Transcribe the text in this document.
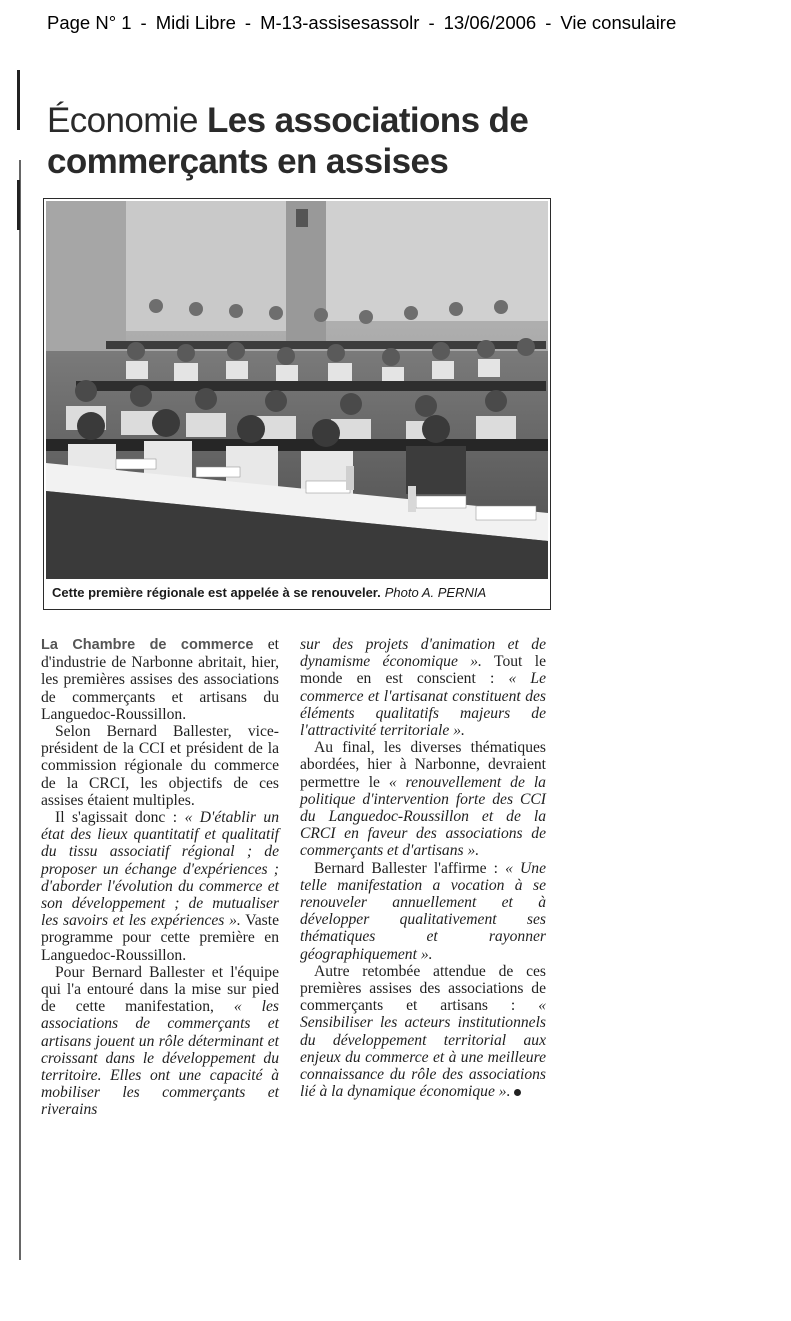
Page N° 1 - Midi Libre - M-13-assisesassolr - 13/06/2006 - Vie consulaire
Économie Les associations de commerçants en assises
Cette première régionale est appelée à se renouveler. Photo A. PERNIA

La Chambre de commerce et d'industrie de Narbonne abritait, hier, les premières assises des associations de commerçants et artisans du Languedoc-Roussillon.

Selon Bernard Ballester, vice-président de la CCI et président de la commission régionale du commerce de la CRCI, les objectifs de ces assises étaient multiples.

Il s'agissait donc : « D'établir un état des lieux quantitatif et qualitatif du tissu associatif régional ; de proposer un échange d'expériences ; d'aborder l'évolution du commerce et son développement ; de mutualiser les savoirs et les expériences ». Vaste programme pour cette première en Languedoc-Roussillon.

Pour Bernard Ballester et l'équipe qui l'a entouré dans la mise sur pied de cette manifestation, « les associations de commerçants et artisans jouent un rôle déterminant et croissant dans le développement du territoire. Elles ont une capacité à mobiliser les commerçants et riverains

sur des projets d'animation et de dynamisme économique ». Tout le monde en est conscient : « Le commerce et l'artisanat constituent des éléments qualitatifs majeurs de l'attractivité territoriale ».

Au final, les diverses thématiques abordées, hier à Narbonne, devraient permettre le « renouvellement de la politique d'intervention forte des CCI du Languedoc-Roussillon et de la CRCI en faveur des associations de commerçants et d'artisans ».

Bernard Ballester l'affirme : « Une telle manifestation a vocation à se renouveler annuellement et à développer qualitativement ses thématiques et rayonner géographiquement ».

Autre retombée attendue de ces premières assises des associations de commerçants et artisans : « Sensibiliser les acteurs institutionnels du développement territorial aux enjeux du commerce et à une meilleure connaissance du rôle des associations lié à la dynamique économique ».
